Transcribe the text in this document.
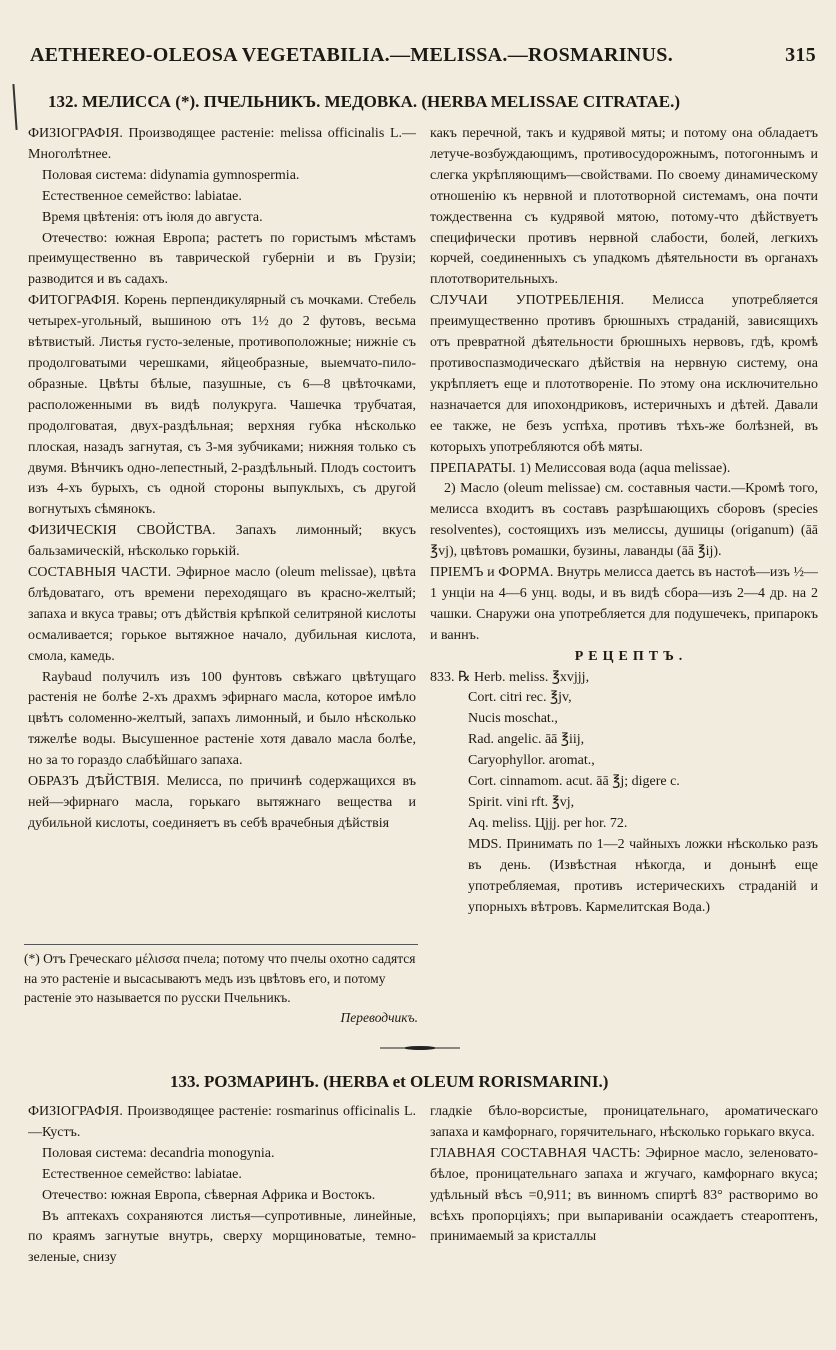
AETHEREO-OLEOSA VEGETABILIA.—MELISSA.—ROSMARINUS.	315
132. МЕЛИССА (*). ПЧЕЛЬНИКЪ. МЕДОВКА. (HERBA MELISSAE CITRATAE.)

ФИЗIОГРАФIЯ. Производящее растенie: melissa officinalis L.— Многолѣтнее.

Половая система: didynamia gymnospermia.

Естественное семейство: labiatae.

Время цвѣтенiя: отъ iюля до августа.

Отечество: южная Европа; растетъ по гористымъ мѣстамъ преимущественно въ таврической губернiи и въ Грузiи; разводится и въ садахъ.

ФИТОГРАФIЯ. Корень перпендикулярный съ мочками. Стебель четырех-угольный, вышиною отъ 1½ до 2 футовъ, весьма вѣтвистый. Листья густо-зеленые, противоположные; нижнiе съ продолговатыми черешками, яйцеобразные, выемчато-пило-образные. Цвѣты бѣлые, пазушные, съ 6—8 цвѣточками, расположенными въ видѣ полукруга. Чашечка трубчатая, продолговатая, двух-раздѣльная; верхняя губка нѣсколько плоская, назадъ загнутая, съ 3-мя зубчиками; нижняя только съ двумя. Вѣнчикъ одно-лепестный, 2-раздѣльный. Плодъ состоитъ изъ 4-хъ бурыхъ, съ одной стороны выпуклыхъ, съ другой вогнутыхъ сѣмянокъ.

ФИЗИЧЕСКIЯ СВОЙСТВА. Запахъ лимонный; вкусъ бальзамическiй, нѣсколько горькiй.

СОСТАВНЫЯ ЧАСТИ. Эфирное масло (oleum melissae), цвѣта блѣдоватаго, отъ времени переходящаго въ красно-желтый; запаха и вкуса травы; отъ дѣйствiя крѣпкой селитряной кислоты осмаливается; горькое вытяжное начало, дубильная кислота, смола, камедь.

Raybaud получилъ изъ 100 фунтовъ свѣжаго цвѣтущаго растенiя не болѣе 2-хъ драхмъ эфирнаго масла, которое имѣло цвѣтъ соломенно-желтый, запахъ лимонный, и было нѣсколько тяжелѣе воды. Высушенное растенiе хотя давало масла болѣе, но за то гораздо слабѣйшаго запаха.

ОБРАЗЪ ДѢЙСТВIЯ. Мелисса, по причинѣ содержащихся въ ней—эфирнаго масла, горькаго вытяжнаго вещества и дубильной кислоты, соединяетъ въ себѣ врачебныя дѣйствiя

(*) Отъ Греческаго μέλισσα пчела; потому что пчелы охотно садятся на это растенiе и высасываютъ медъ изъ цвѣтовъ его, и потому растенiе это называется по русски Пчельникъ.
Переводчикъ.

какъ перечной, такъ и кудрявой мяты; и потому она обладаетъ летуче-возбуждающимъ, противосудорожнымъ, потогоннымъ и слегка укрѣпляющимъ—свойствами. По своему динамическому отношенiю къ нервной и плототворной системамъ, она почти тождественна съ кудрявой мятою, потому-что дѣйствуетъ специфически противъ нервной слабости, болей, легкихъ корчей, соединенныхъ съ упадкомъ дѣятельности въ органахъ плототворительныхъ.

СЛУЧАИ УПОТРЕБЛЕНIЯ. Мелисса употребляется преимущественно противъ брюшныхъ страданiй, зависящихъ отъ превратной дѣятельности брюшныхъ нервовъ, гдѣ, кромѣ противоспазмодическаго дѣйствiя на нервную систему, она укрѣпляетъ еще и плототворенiе. По этому она исключительно назначается для ипохондриковъ, истеричныхъ и дѣтей. Давали ее также, не безъ успѣха, противъ тѣхъ-же болѣзней, въ которыхъ употребляются обѣ мяты.

ПРЕПАРАТЫ. 1) Мелиссовая вода (aqua melissae).

2) Масло (oleum melissae) см. составныя части.—Кромѣ того, мелисса входитъ въ составъ разрѣшающихъ сборовъ (species resolventes), состоящихъ изъ мелиссы, душицы (origanum) (āā ℥vj), цвѣтовъ ромашки, бузины, лаванды (āā ℥ij).

ПРIЕМЪ и ФОРМА. Внутрь мелисса даетсь въ настоѣ—изъ ½—1 унцiи на 4—6 унц. воды, и въ видѣ сбора—изъ 2—4 др. на 2 чашки. Снаружи она употребляется для подушечекъ, припарокъ и ваннъ.

РЕЦЕПТЪ.

833. ℞ Herb. meliss. ℥xvjjj,

Cort. citri rec. ℥jv,

Nucis moschat.,

Rad. angelic. āā ℥iij,

Caryophyllor. aromat.,

Cort. cinnamom. acut. āā ℥j; digere c.

Spirit. vini rft. ℥vj,

Aq. meliss. Цjjj. per hor. 72.

MDS. Принимать по 1—2 чайныхъ ложки нѣсколько разъ въ день. (Извѣстная нѣкогда, и донынѣ еще употребляемая, противъ истерическихъ страданiй и упорныхъ вѣтровъ. Кармелитская Вода.)

133. РОЗМАРИНЪ. (HERBA et OLEUM RORISMARINI.)

ФИЗIОГРАФIЯ. Производящее растенie: rosmarinus officinalis L.—Кустъ.

Половая система: decandria monogynia.

Естественное семейство: labiatae.

Отечество: южная Европа, сѣверная Африка и Востокъ.

Въ аптекахъ сохраняются листья—супротивные, линейные, по краямъ загнутые внутрь, сверху морщиноватые, темно-зеленые, снизу

гладкiе бѣло-ворсистые, проницательнаго, ароматическаго запаха и камфорнаго, горячительнаго, нѣсколько горькаго вкуса.

ГЛАВНАЯ СОСТАВНАЯ ЧАСТЬ: Эфирное масло, зеленовато-бѣлое, проницательнаго запаха и жгучаго, камфорнаго вкуса; удѣльный вѣсъ =0,911; въ винномъ спиртѣ 83° растворимо во всѣхъ пропорцiяхъ; при выпариванiи осаждаетъ стеароптенъ, принимаемый за кристаллы
